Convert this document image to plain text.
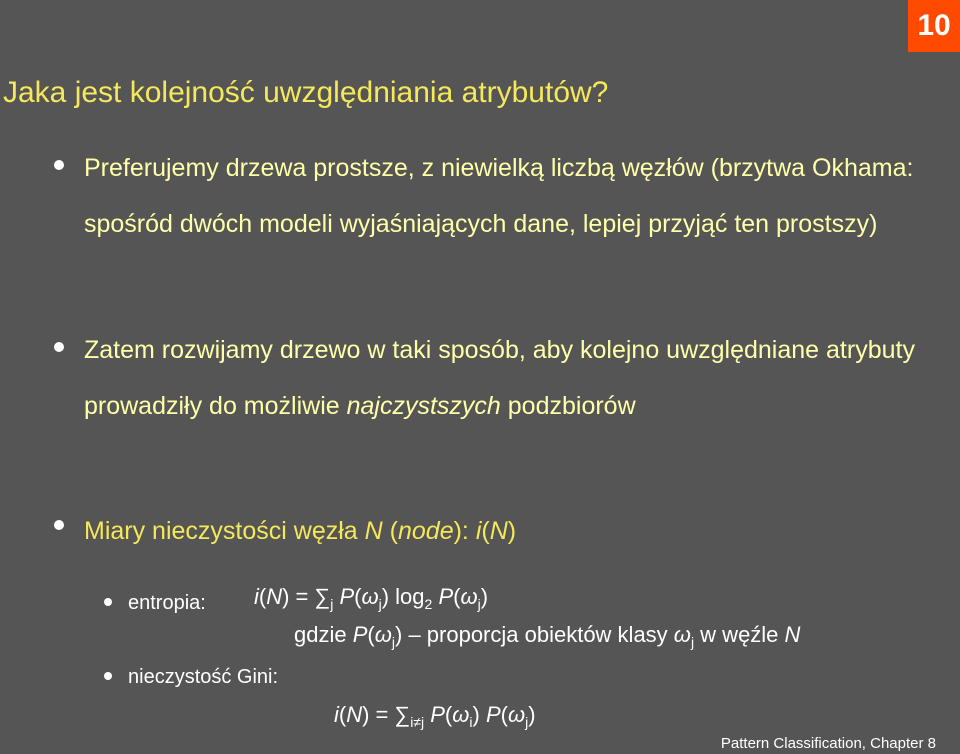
10
Jaka jest kolejność uwzględniania atrybutów?
Preferujemy drzewa prostsze, z niewielką liczbą węzłów (brzytwa Okhama: spośród dwóch modeli wyjaśniających dane, lepiej przyjąć ten prostszy)
Zatem rozwijamy drzewo w taki sposób, aby kolejno uwzględniane atrybuty prowadziły do możliwie najczystszych podzbiorów
Miary nieczystości węzła N (node): i(N)
entropia: $i(N) = \sum_j$ $P(\omega_j)$ $\log_2 P(\omega_j)$
gdzie $P(\omega_j)$ – proporcja obiektów klasy $\omega_j$ w węźle N
nieczystość Gini:
$i(N) = \sum_{i\ne j}$ $P(\omega_i)$ $P(\omega_j)$
Pattern Classification, Chapter 8
